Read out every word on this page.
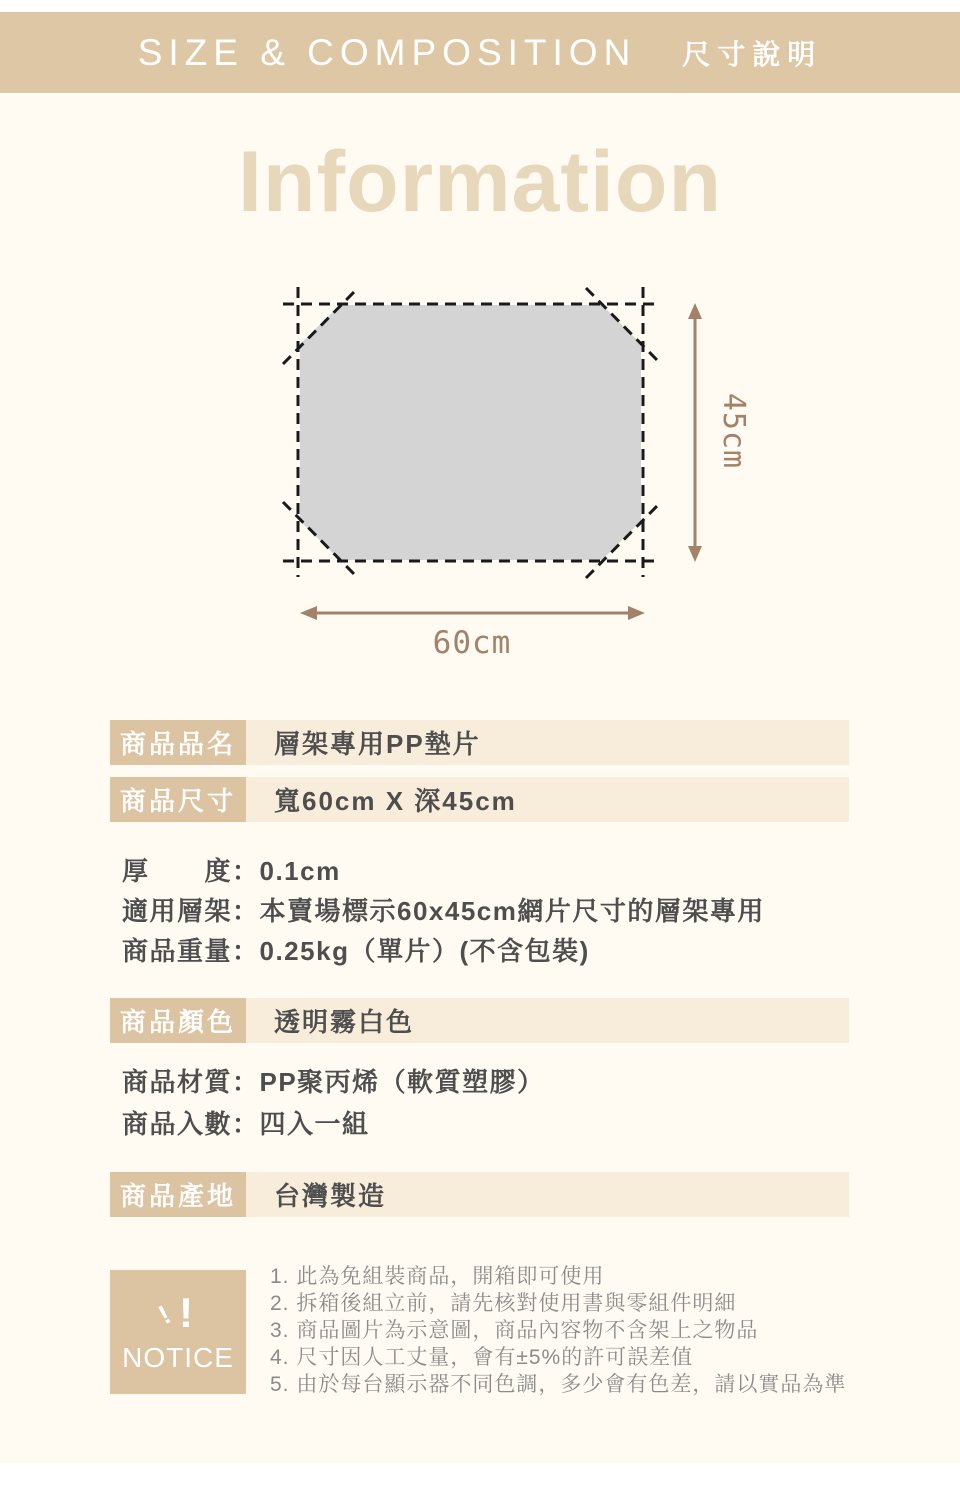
SIZE & COMPOSITION 尺寸說明
Information
45cm
60cm
商品品名	層架專用PP墊片
商品尺寸	寬60cm X 深45cm
厚　　度：0.1cm
適用層架：本賣場標示60x45cm網片尺寸的層架專用
商品重量：0.25kg（單片）(不含包裝)
商品顏色	透明霧白色
商品材質：PP聚丙烯（軟質塑膠）
商品入數：四入一組
商品產地	台灣製造
! !
NOTICE
1. 此為免組裝商品，開箱即可使用
2. 拆箱後組立前，請先核對使用書與零組件明細
3. 商品圖片為示意圖，商品內容物不含架上之物品
4. 尺寸因人工丈量，會有±5%的許可誤差值
5. 由於每台顯示器不同色調，多少會有色差，請以實品為準
